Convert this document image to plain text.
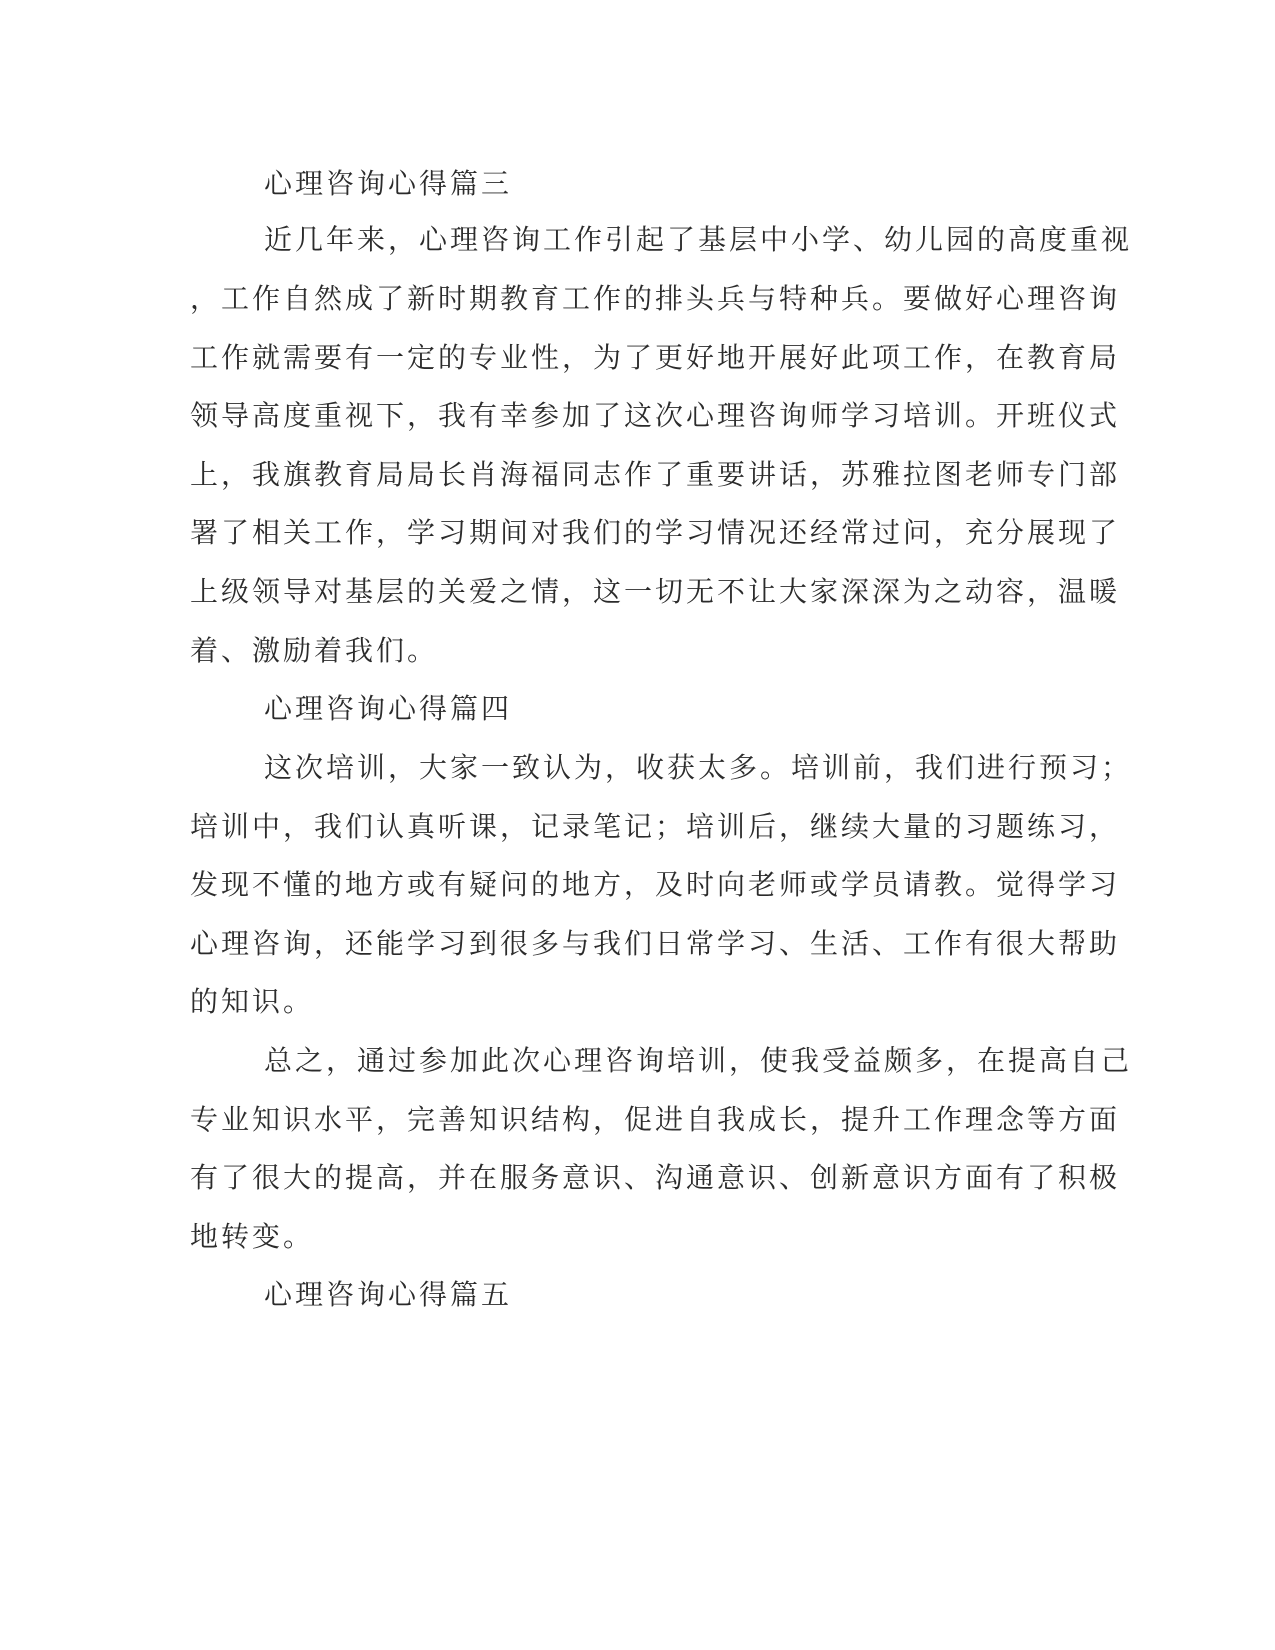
心理咨询心得篇三

近几年来，心理咨询工作引起了基层中小学、幼儿园的高度重视

，工作自然成了新时期教育工作的排头兵与特种兵。要做好心理咨询

工作就需要有一定的专业性，为了更好地开展好此项工作，在教育局

领导高度重视下，我有幸参加了这次心理咨询师学习培训。开班仪式

上，我旗教育局局长肖海福同志作了重要讲话，苏雅拉图老师专门部

署了相关工作，学习期间对我们的学习情况还经常过问，充分展现了

上级领导对基层的关爱之情，这一切无不让大家深深为之动容，温暖

着、激励着我们。

心理咨询心得篇四

这次培训，大家一致认为，收获太多。培训前，我们进行预习；

培训中，我们认真听课，记录笔记；培训后，继续大量的习题练习，

发现不懂的地方或有疑问的地方，及时向老师或学员请教。觉得学习

心理咨询，还能学习到很多与我们日常学习、生活、工作有很大帮助

的知识。

总之，通过参加此次心理咨询培训，使我受益颇多，在提高自己

专业知识水平，完善知识结构，促进自我成长，提升工作理念等方面

有了很大的提高，并在服务意识、沟通意识、创新意识方面有了积极

地转变。

心理咨询心得篇五
